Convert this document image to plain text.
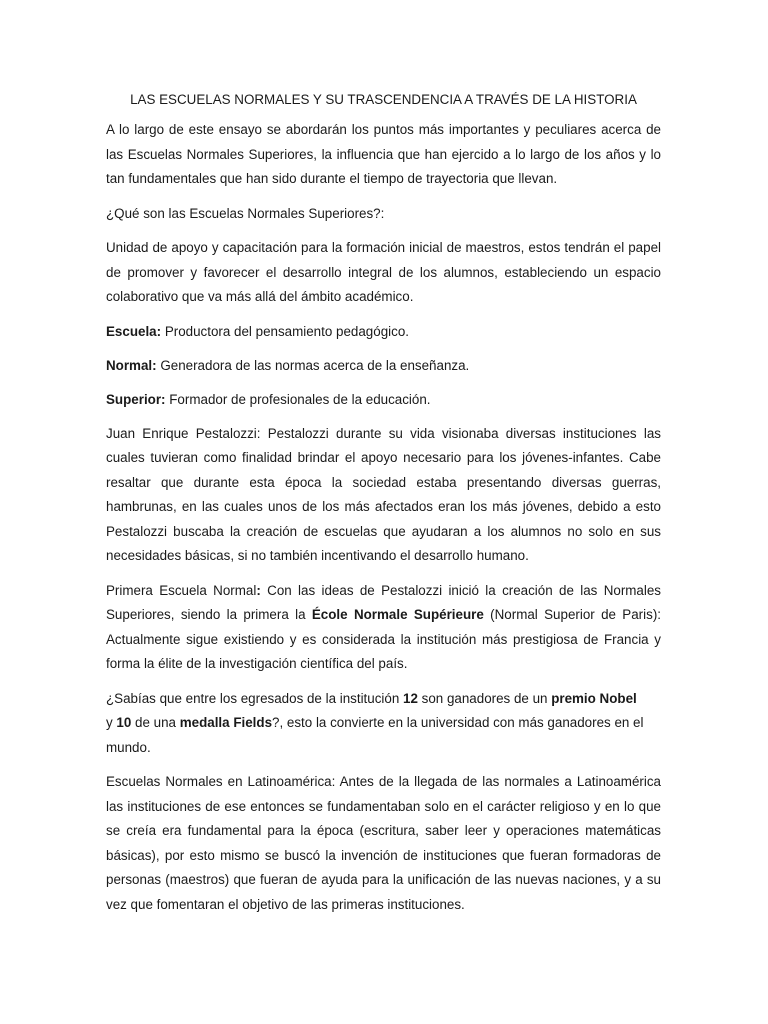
LAS ESCUELAS NORMALES Y SU TRASCENDENCIA A TRAVÉS DE LA HISTORIA

A lo largo de este ensayo se abordarán los puntos más importantes y peculiares acerca de las Escuelas Normales Superiores, la influencia que han ejercido a lo largo de los años y lo tan fundamentales que han sido durante el tiempo de trayectoria que llevan.

¿Qué son las Escuelas Normales Superiores?:

Unidad de apoyo y capacitación para la formación inicial de maestros, estos tendrán el papel de promover y favorecer el desarrollo integral de los alumnos, estableciendo un espacio colaborativo que va más allá del ámbito académico.

Escuela: Productora del pensamiento pedagógico.

Normal: Generadora de las normas acerca de la enseñanza.

Superior: Formador de profesionales de la educación.

Juan Enrique Pestalozzi: Pestalozzi durante su vida visionaba diversas instituciones las cuales tuvieran como finalidad brindar el apoyo necesario para los jóvenes-infantes. Cabe resaltar que durante esta época la sociedad estaba presentando diversas guerras, hambrunas, en las cuales unos de los más afectados eran los más jóvenes, debido a esto Pestalozzi buscaba la creación de escuelas que ayudaran a los alumnos no solo en sus necesidades básicas, si no también incentivando el desarrollo humano.

Primera Escuela Normal: Con las ideas de Pestalozzi inició la creación de las Normales Superiores, siendo la primera la École Normale Supérieure (Normal Superior de Paris): Actualmente sigue existiendo y es considerada la institución más prestigiosa de Francia y forma la élite de la investigación científica del país.

¿Sabías que entre los egresados de la institución 12 son ganadores de un premio Nobel
y 10 de una medalla Fields?, esto la convierte en la universidad con más ganadores en el mundo.

Escuelas Normales en Latinoamérica: Antes de la llegada de las normales a Latinoamérica las instituciones de ese entonces se fundamentaban solo en el carácter religioso y en lo que se creía era fundamental para la época (escritura, saber leer y operaciones matemáticas básicas), por esto mismo se buscó la invención de instituciones que fueran formadoras de personas (maestros) que fueran de ayuda para la unificación de las nuevas naciones, y a su vez que fomentaran el objetivo de las primeras instituciones.
